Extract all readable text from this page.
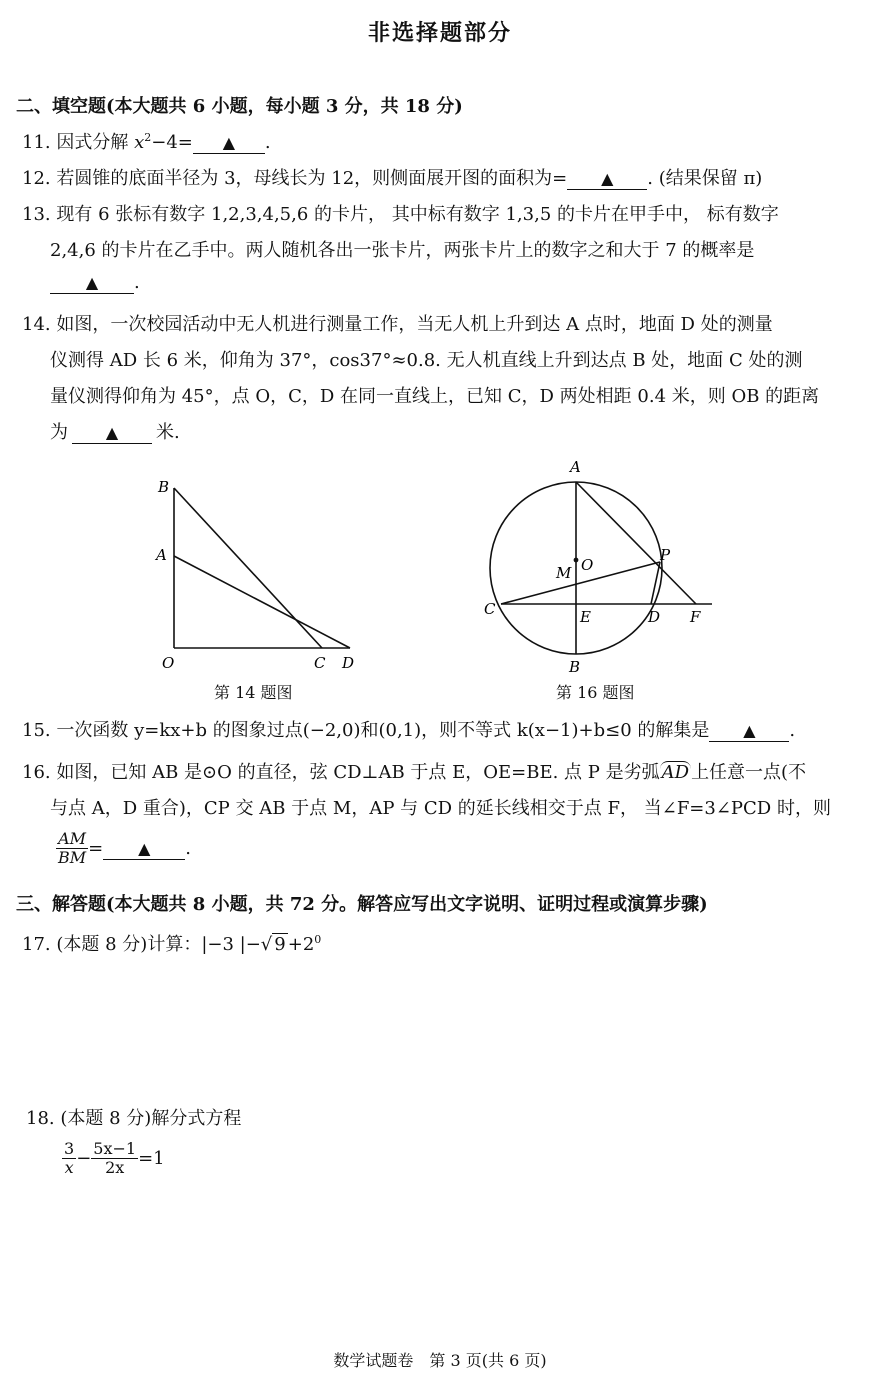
非选择题部分
二、填空题(本大题共 6 小题，每小题 3 分，共 18 分)
11. 因式分解 $x^2-4=$ ▲ .
12. 若圆锥的底面半径为 3，母线长为 12，则侧面展开图的面积为= ▲ . (结果保留 π)
13. 现有 6 张标有数字 1,2,3,4,5,6 的卡片， 其中标有数字 1,3,5 的卡片在甲手中， 标有数字
2,4,6 的卡片在乙手中。两人随机各出一张卡片，两张卡片上的数字之和大于 7 的概率是
▲ .
14. 如图，一次校园活动中无人机进行测量工作，当无人机上升到达 A 点时，地面 D 处的测量
仪测得 AD 长 6 米，仰角为 37°，cos37°≈0.8. 无人机直线上升到达点 B 处，地面 C 处的测
量仪测得仰角为 45°，点 O，C，D 在同一直线上，已知 C，D 两处相距 0.4 米，则 OB 的距离
为 ▲ 米.
B
A
O	C D
第 14 题图
A
B
C	D
E	F
M O
P
第 16 题图
15. 一次函数 y=kx+b 的图象过点(−2,0)和(0,1)，则不等式 k(x−1)+b≤0 的解集是 ▲ .
16. 如图，已知 AB 是⊙O 的直径，弦 CD⊥AB 于点 E，OE=BE. 点 P 是劣弧 AD 上任意一点(不
与点 A，D 重合)，CP 交 AB 于点 M，AP 与 CD 的延长线相交于点 F， 当∠F=3∠PCD 时，则
$\frac{AM}{BM}$ = ▲ .
三、解答题(本大题共 8 小题，共 72 分。解答应写出文字说明、证明过程或演算步骤)
17. (本题 8 分)计算：|−3 |−√ $9 +2^0$
18. (本题 8 分)解分式方程
$\frac{3}{x} - \frac{5x-1}{2x} =1$
数学试题卷　第 3 页(共 6 页)
